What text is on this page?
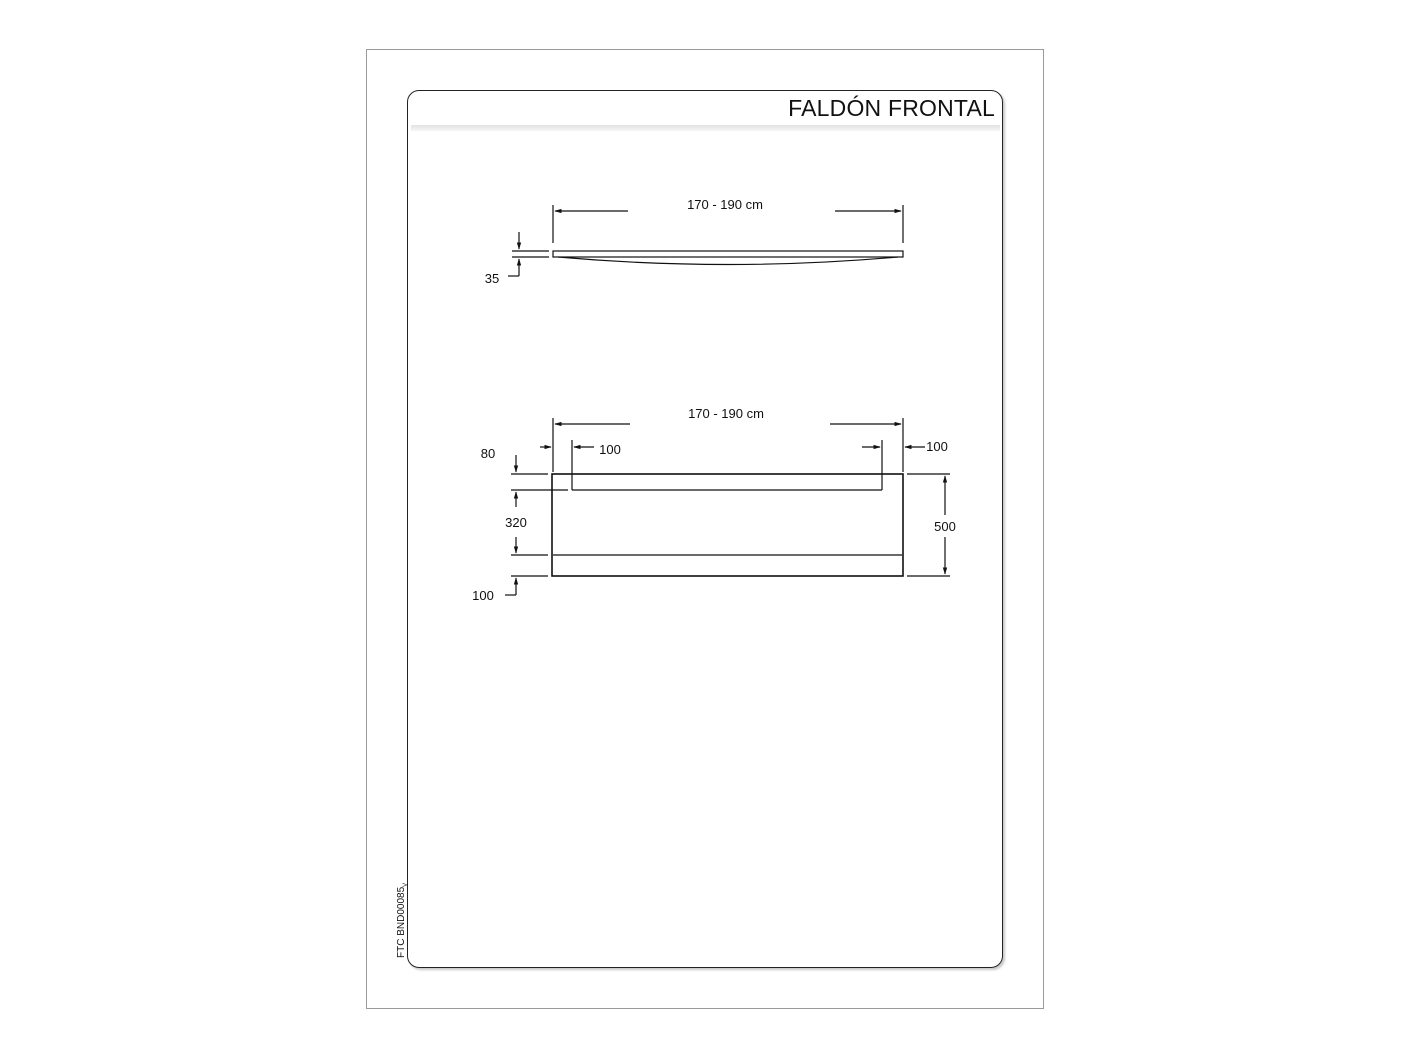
FALDÓN FRONTAL
170 - 190 cm
35
170 - 190 cm
100	100
80
320
100
500
FTC $BND00085_V$
